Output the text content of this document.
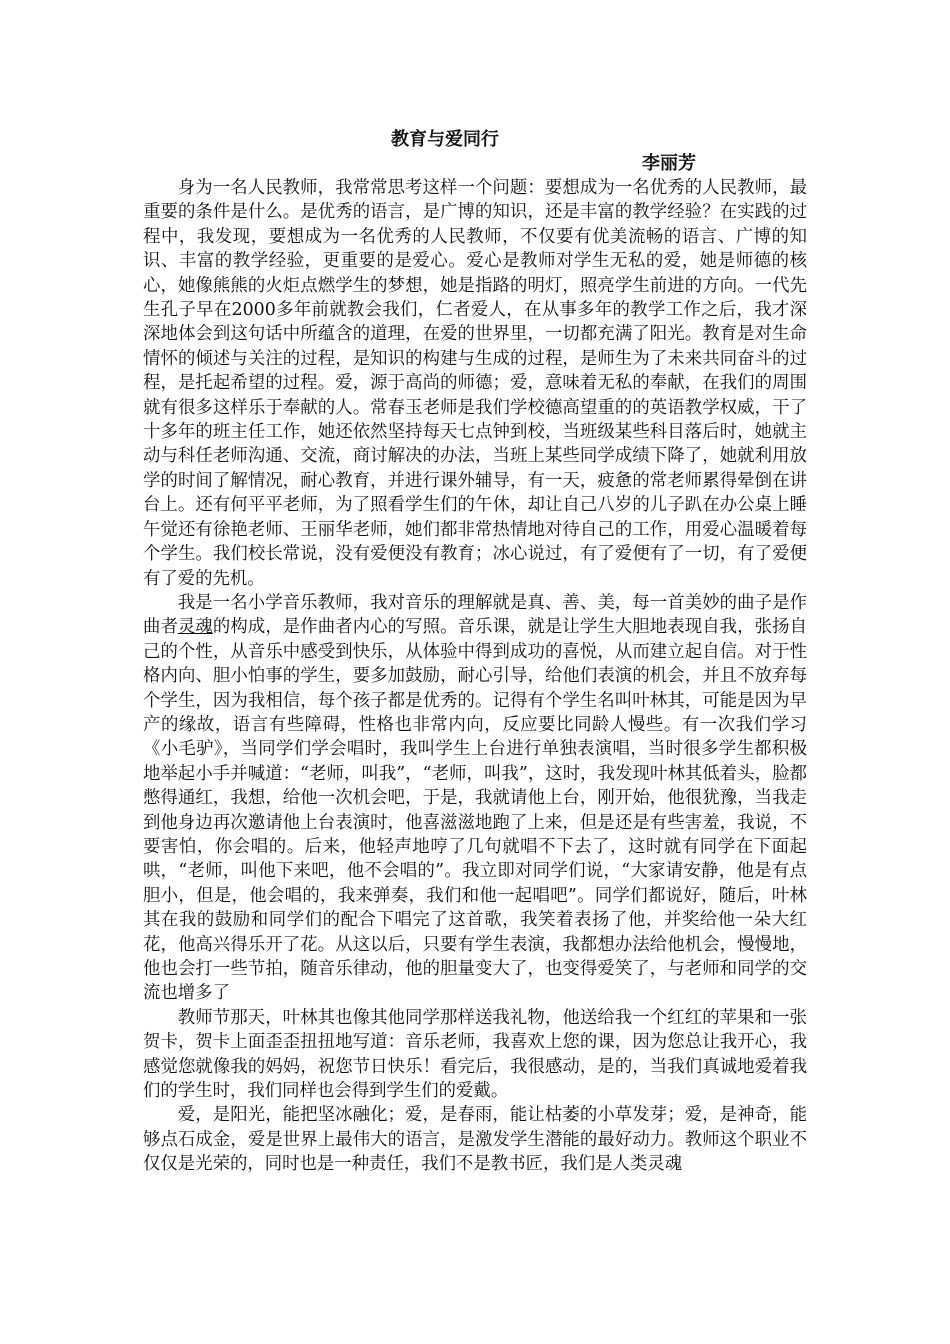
教育与爱同行
李丽芳

身为一名人民教师，我常常思考这样一个问题：要想成为一名优秀的人民教师，最重要的条件是什么。是优秀的语言，是广博的知识，还是丰富的教学经验？在实践的过程中，我发现，要想成为一名优秀的人民教师，不仅要有优美流畅的语言、广博的知识、丰富的教学经验，更重要的是爱心。爱心是教师对学生无私的爱，她是师德的核心，她像熊熊的火炬点燃学生的梦想，她是指路的明灯，照亮学生前进的方向。一代先生孔子早在2000多年前就教会我们，仁者爱人，在从事多年的教学工作之后，我才深深地体会到这句话中所蕴含的道理，在爱的世界里，一切都充满了阳光。教育是对生命情怀的倾述与关注的过程，是知识的构建与生成的过程，是师生为了未来共同奋斗的过程，是托起希望的过程。爱，源于高尚的师德；爱，意味着无私的奉献，在我们的周围就有很多这样乐于奉献的人。常春玉老师是我们学校德高望重的的英语教学权威，干了十多年的班主任工作，她还依然坚持每天七点钟到校，当班级某些科目落后时，她就主动与科任老师沟通、交流，商讨解决的办法，当班上某些同学成绩下降了，她就利用放学的时间了解情况，耐心教育，并进行课外辅导，有一天，疲惫的常老师累得晕倒在讲台上。还有何平平老师，为了照看学生们的午休，却让自己八岁的儿子趴在办公桌上睡午觉还有徐艳老师、王丽华老师，她们都非常热情地对待自己的工作，用爱心温暖着每个学生。我们校长常说，没有爱便没有教育；冰心说过，有了爱便有了一切，有了爱便有了爱的先机。

我是一名小学音乐教师，我对音乐的理解就是真、善、美，每一首美妙的曲子是作曲者灵魂的构成，是作曲者内心的写照。音乐课，就是让学生大胆地表现自我，张扬自己的个性，从音乐中感受到快乐，从体验中得到成功的喜悦，从而建立起自信。对于性格内向、胆小怕事的学生，要多加鼓励，耐心引导，给他们表演的机会，并且不放弃每个学生，因为我相信，每个孩子都是优秀的。记得有个学生名叫叶林其，可能是因为早产的缘故，语言有些障碍，性格也非常内向，反应要比同龄人慢些。有一次我们学习《小毛驴》，当同学们学会唱时，我叫学生上台进行单独表演唱，当时很多学生都积极地举起小手并喊道：“老师，叫我”，“老师，叫我”，这时，我发现叶林其低着头，脸都憋得通红，我想，给他一次机会吧，于是，我就请他上台，刚开始，他很犹豫，当我走到他身边再次邀请他上台表演时，他喜滋滋地跑了上来，但是还是有些害羞，我说，不要害怕，你会唱的。后来，他轻声地哼了几句就唱不下去了，这时就有同学在下面起哄，“老师，叫他下来吧，他不会唱的”。我立即对同学们说，“大家请安静，他是有点胆小，但是，他会唱的，我来弹奏，我们和他一起唱吧”。同学们都说好，随后，叶林其在我的鼓励和同学们的配合下唱完了这首歌，我笑着表扬了他，并奖给他一朵大红花，他高兴得乐开了花。从这以后，只要有学生表演，我都想办法给他机会，慢慢地，他也会打一些节拍，随音乐律动，他的胆量变大了，也变得爱笑了，与老师和同学的交流也增多了

教师节那天，叶林其也像其他同学那样送我礼物，他送给我一个红红的苹果和一张贺卡，贺卡上面歪歪扭扭地写道：音乐老师，我喜欢上您的课，因为您总让我开心，我感觉您就像我的妈妈，祝您节日快乐！看完后，我很感动，是的，当我们真诚地爱着我们的学生时，我们同样也会得到学生们的爱戴。

爱，是阳光，能把坚冰融化；爱，是春雨，能让枯萎的小草发芽；爱，是神奇，能够点石成金，爱是世界上最伟大的语言，是激发学生潜能的最好动力。教师这个职业不仅仅是光荣的，同时也是一种责任，我们不是教书匠，我们是人类灵魂
